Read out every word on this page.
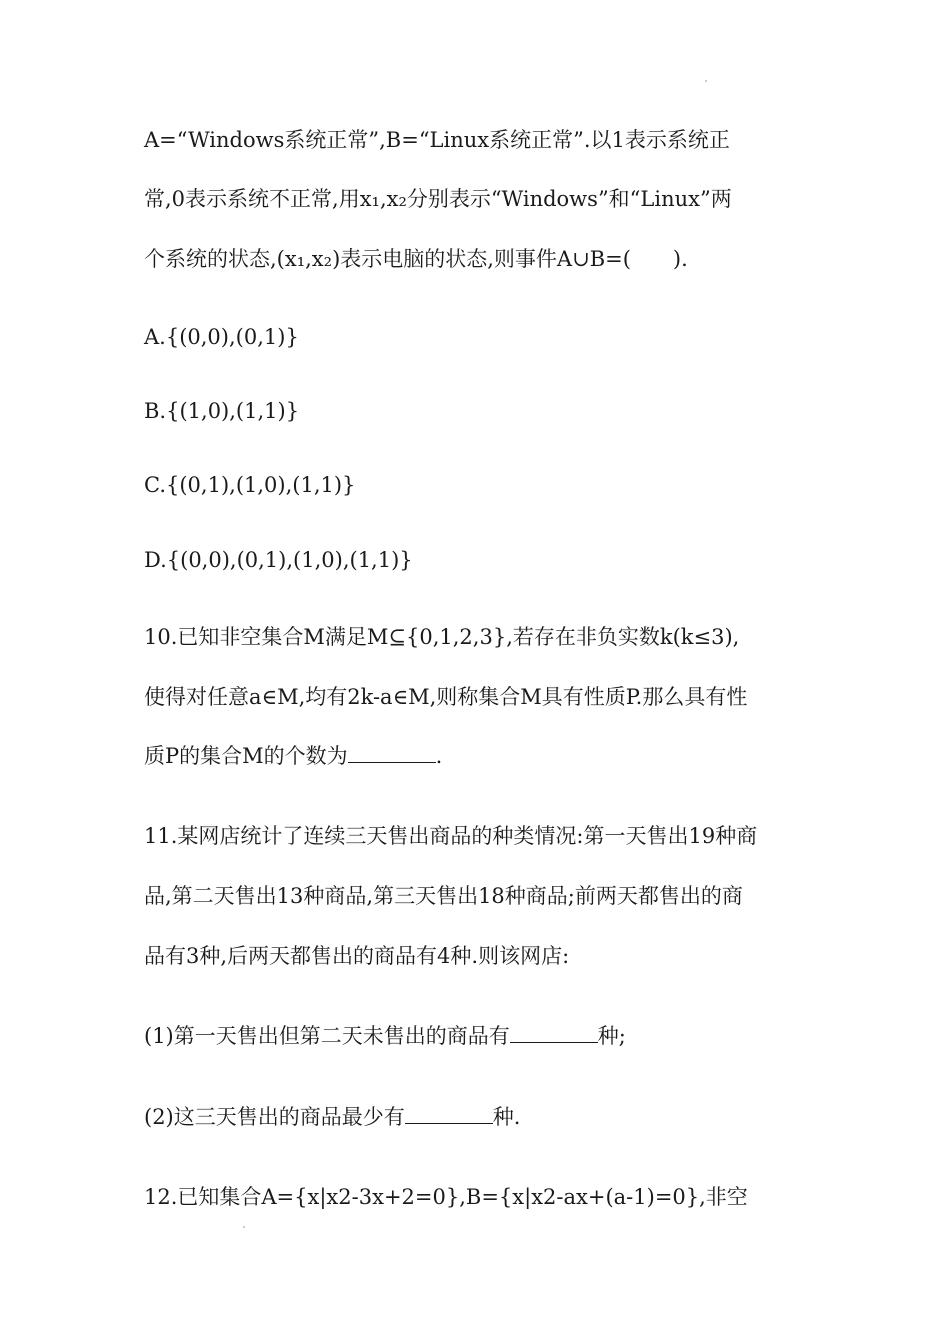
A=“Windows系统正常”,B=“Linux系统正常”.以1表示系统正
常,0表示系统不正常,用x₁,x₂分别表示“Windows”和“Linux”两
个系统的状态,(x₁,x₂)表示电脑的状态,则事件A∪B=(　　).
A.{(0,0),(0,1)}
B.{(1,0),(1,1)}
C.{(0,1),(1,0),(1,1)}
D.{(0,0),(0,1),(1,0),(1,1)}
10.已知非空集合M满足M⊆{0,1,2,3},若存在非负实数k(k≤3),
使得对任意a∈M,均有2k-a∈M,则称集合M具有性质P.那么具有性
质P的集合M的个数为	.
11.某网店统计了连续三天售出商品的种类情况:第一天售出19种商
品,第二天售出13种商品,第三天售出18种商品;前两天都售出的商
品有3种,后两天都售出的商品有4种.则该网店:
(1)第一天售出但第二天未售出的商品有	种;
(2)这三天售出的商品最少有	种.
12.已知集合A={x|x2-3x+2=0},B={x|x2-ax+(a-1)=0},非空
